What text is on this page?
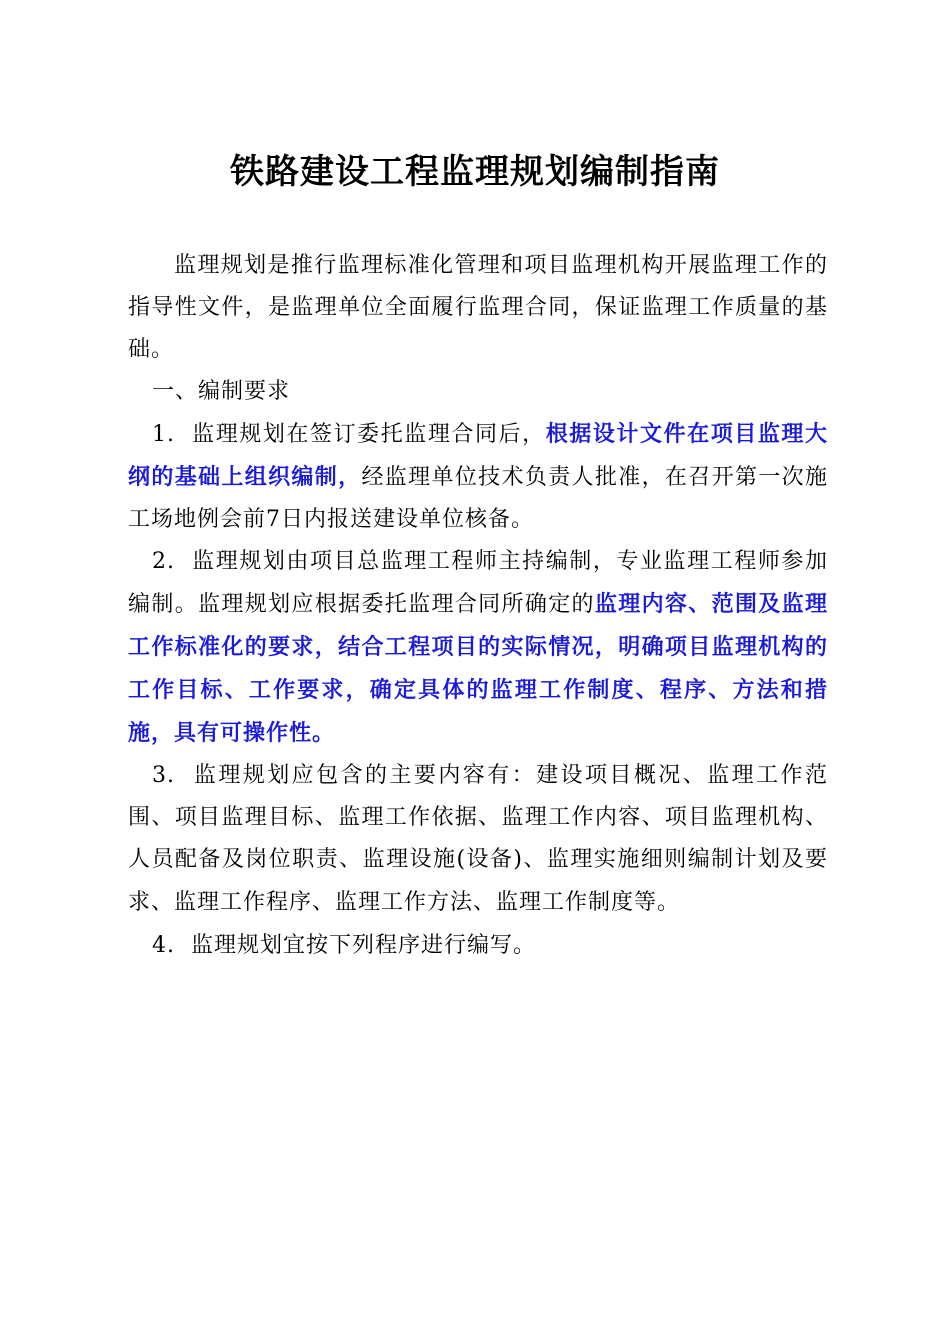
铁路建设工程监理规划编制指南

监理规划是推行监理标准化管理和项目监理机构开展监理工作的指导性文件，是监理单位全面履行监理合同，保证监理工作质量的基础。

一、编制要求

1. 监理规划在签订委托监理合同后，根据设计文件在项目监理大纲的基础上组织编制，经监理单位技术负责人批准，在召开第一次施工场地例会前7日内报送建设单位核备。

2. 监理规划由项目总监理工程师主持编制，专业监理工程师参加编制。监理规划应根据委托监理合同所确定的监理内容、范围及监理工作标准化的要求，结合工程项目的实际情况，明确项目监理机构的工作目标、工作要求，确定具体的监理工作制度、程序、方法和措施，具有可操作性。

3. 监理规划应包含的主要内容有：建设项目概况、监理工作范围、项目监理目标、监理工作依据、监理工作内容、项目监理机构、人员配备及岗位职责、监理设施(设备)、监理实施细则编制计划及要求、监理工作程序、监理工作方法、监理工作制度等。

4. 监理规划宜按下列程序进行编写。
